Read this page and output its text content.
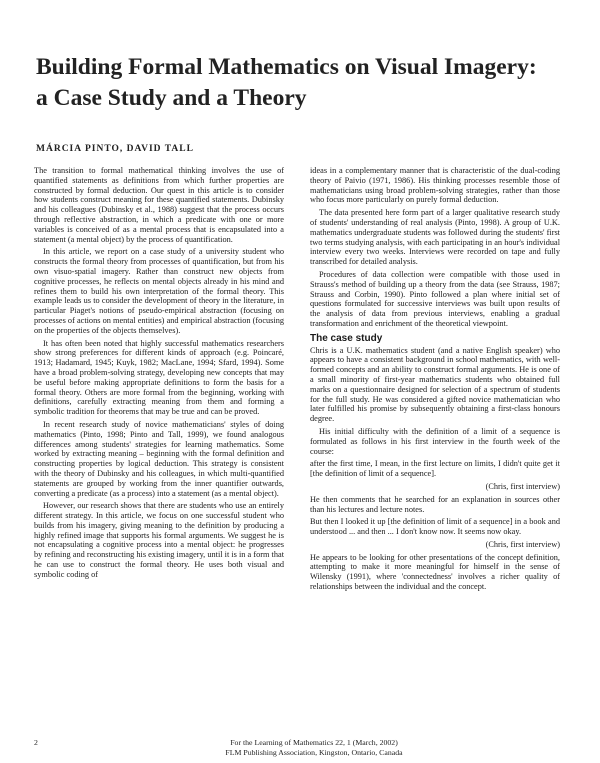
Building Formal Mathematics on Visual Imagery:
a Case Study and a Theory
MÁRCIA PINTO, DAVID TALL

The transition to formal mathematical thinking involves the use of quantified statements as definitions from which further properties are constructed by formal deduction. Our quest in this article is to consider how students construct meaning for these quantified statements. Dubinsky and his colleagues (Dubinsky et al., 1988) suggest that the process occurs through reflective abstraction, in which a predicate with one or more variables is conceived of as a mental process that is encapsulated into a statement (a mental object) by the process of quantification.

In this article, we report on a case study of a university student who constructs the formal theory from processes of quantification, but from his own visuo-spatial imagery. Rather than construct new objects from cognitive processes, he reflects on mental objects already in his mind and refines them to build his own interpretation of the formal theory. This example leads us to consider the development of theory in the literature, in particular Piaget's notions of pseudo-empirical abstraction (focusing on processes of actions on mental entities) and empirical abstraction (focusing on the properties of the objects themselves).

It has often been noted that highly successful mathematics researchers show strong preferences for different kinds of approach (e.g. Poincaré, 1913; Hadamard, 1945; Kuyk, 1982; MacLane, 1994; Sfard, 1994). Some have a broad problem-solving strategy, developing new concepts that may be useful before making appropriate definitions to form the basis for a formal theory. Others are more formal from the beginning, working with definitions, carefully extracting meaning from them and forming a symbolic tradition for theorems that may be true and can be proved.

In recent research study of novice mathematicians' styles of doing mathematics (Pinto, 1998; Pinto and Tall, 1999), we found analogous differences among students' strategies for learning mathematics. Some worked by extracting meaning – beginning with the formal definition and constructing properties by logical deduction. This strategy is consistent with the theory of Dubinsky and his colleagues, in which multi-quantified statements are grouped by working from the inner quantifier outwards, converting a predicate (as a process) into a statement (as a mental object).

However, our research shows that there are students who use an entirely different strategy. In this article, we focus on one successful student who builds from his imagery, giving meaning to the definition by producing a highly refined image that supports his formal arguments. We suggest he is not encapsulating a cognitive process into a mental object: he progresses by refining and reconstructing his existing imagery, until it is in a form that he can use to construct the formal theory. He uses both visual and symbolic coding of

ideas in a complementary manner that is characteristic of the dual-coding theory of Paivio (1971, 1986). His thinking processes resemble those of mathematicians using broad problem-solving strategies, rather than those who focus more particularly on purely formal deduction.

The data presented here form part of a larger qualitative research study of students' understanding of real analysis (Pinto, 1998). A group of U.K. mathematics undergraduate students was followed during the students' first two terms studying analysis, with each participating in an hour's individual interview every two weeks. Interviews were recorded on tape and fully transcribed for detailed analysis.

Procedures of data collection were compatible with those used in Strauss's method of building up a theory from the data (see Strauss, 1987; Strauss and Corbin, 1990). Pinto followed a plan where initial set of questions formulated for successive interviews was built upon results of the analysis of data from previous interviews, enabling a gradual transformation and enrichment of the theoretical viewpoint.

The case study

Chris is a U.K. mathematics student (and a native English speaker) who appears to have a consistent background in school mathematics, with well-formed concepts and an ability to construct formal arguments. He is one of a small minority of first-year mathematics students who obtained full marks on a questionnaire designed for selection of a spectrum of students for the full study. He was considered a gifted novice mathematician who later fulfilled his promise by subsequently obtaining a first-class honours degree.

His initial difficulty with the definition of a limit of a sequence is formulated as follows in his first interview in the fourth week of the course:

after the first time, I mean, in the first lecture on limits, I didn't quite get it [the definition of limit of a sequence].

(Chris, first interview)

He then comments that he searched for an explanation in sources other than his lectures and lecture notes.

But then I looked it up [the definition of limit of a sequence] in a book and understood ... and then ... I don't know now. It seems now okay.

(Chris, first interview)

He appears to be looking for other presentations of the concept definition, attempting to make it more meaningful for himself in the sense of Wilensky (1991), where 'connectedness' involves a richer quality of relationships between the individual and the concept.

2	For the Learning of Mathematics 22, 1 (March, 2002)
FLM Publishing Association, Kingston, Ontario, Canada
